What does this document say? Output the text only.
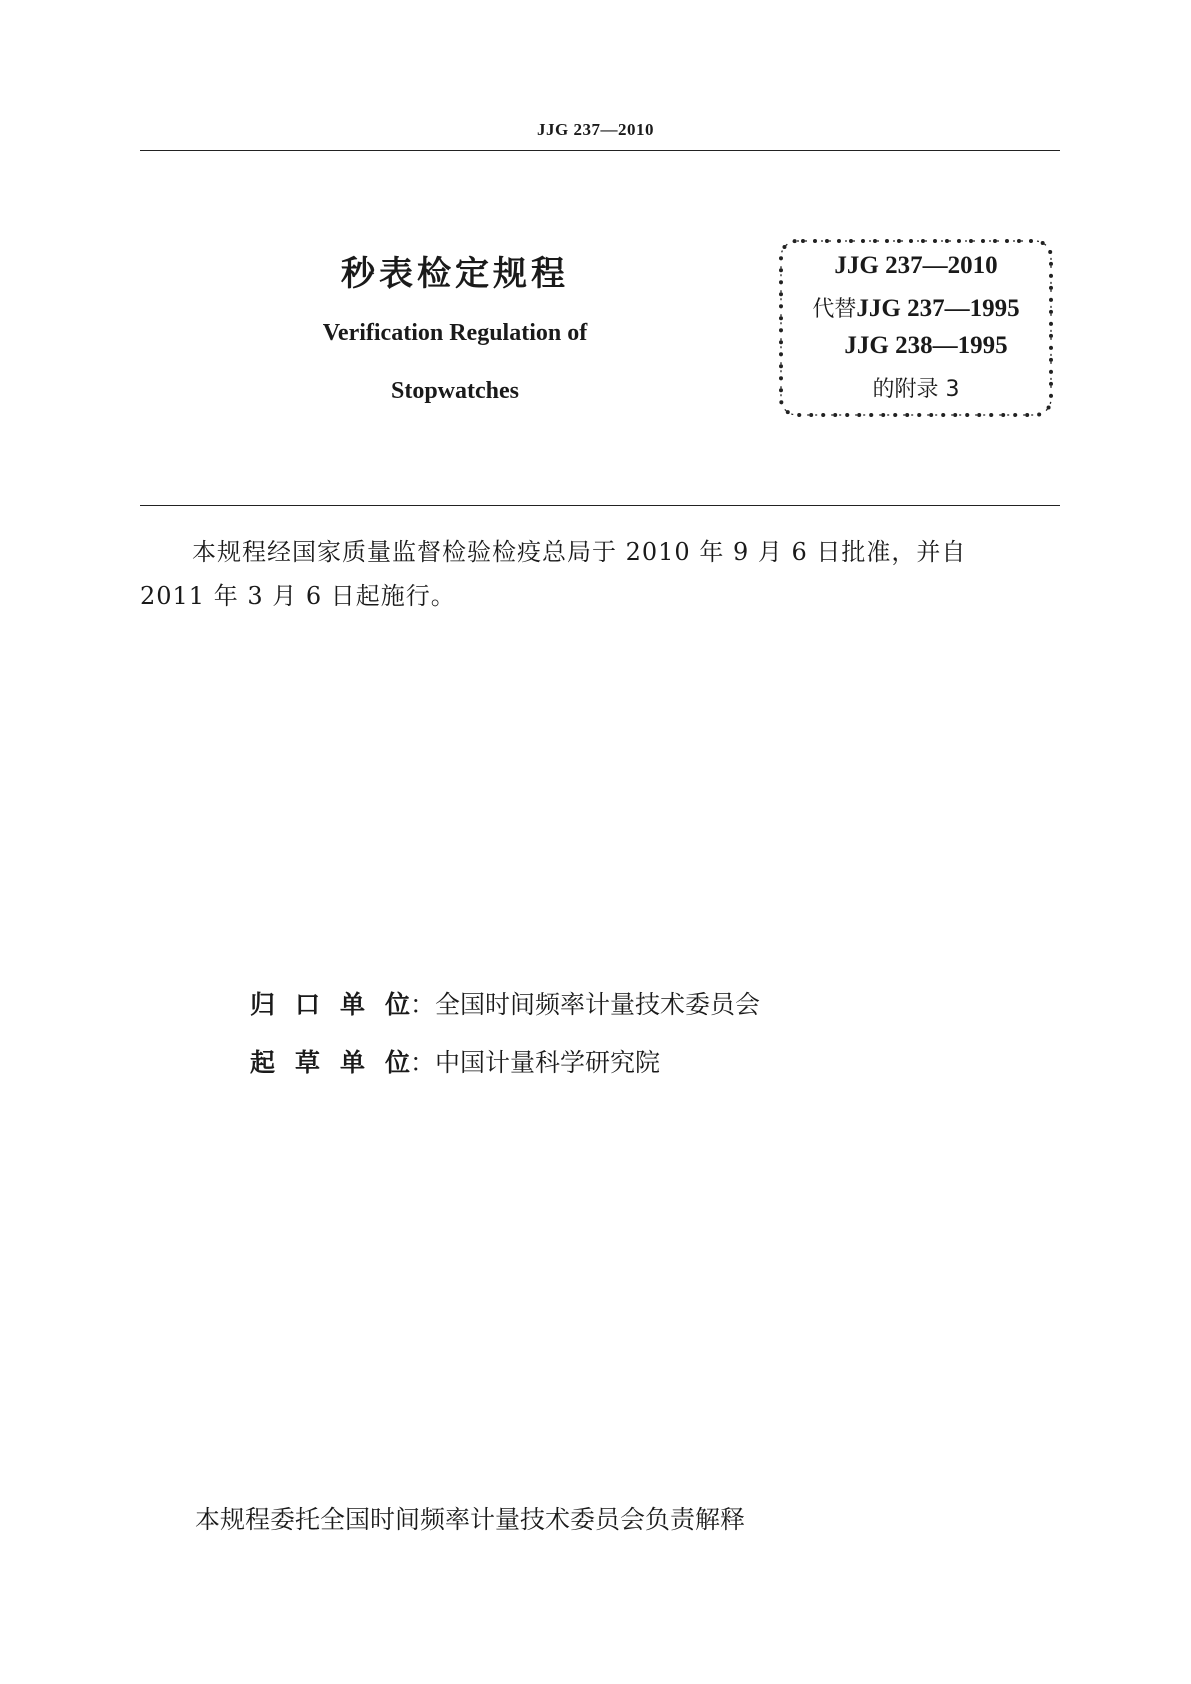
JJG 237—2010
秒表检定规程
Verification Regulation of
Stopwatches
JJG 237—2010
代替JJG 237—1995
JJG 238—1995
的附录 3
本规程经国家质量监督检验检疫总局于 2010 年 9 月 6 日批准，并自
2011 年 3 月 6 日起施行。
归口单位：全国时间频率计量技术委员会
起草单位：中国计量科学研究院
本规程委托全国时间频率计量技术委员会负责解释
